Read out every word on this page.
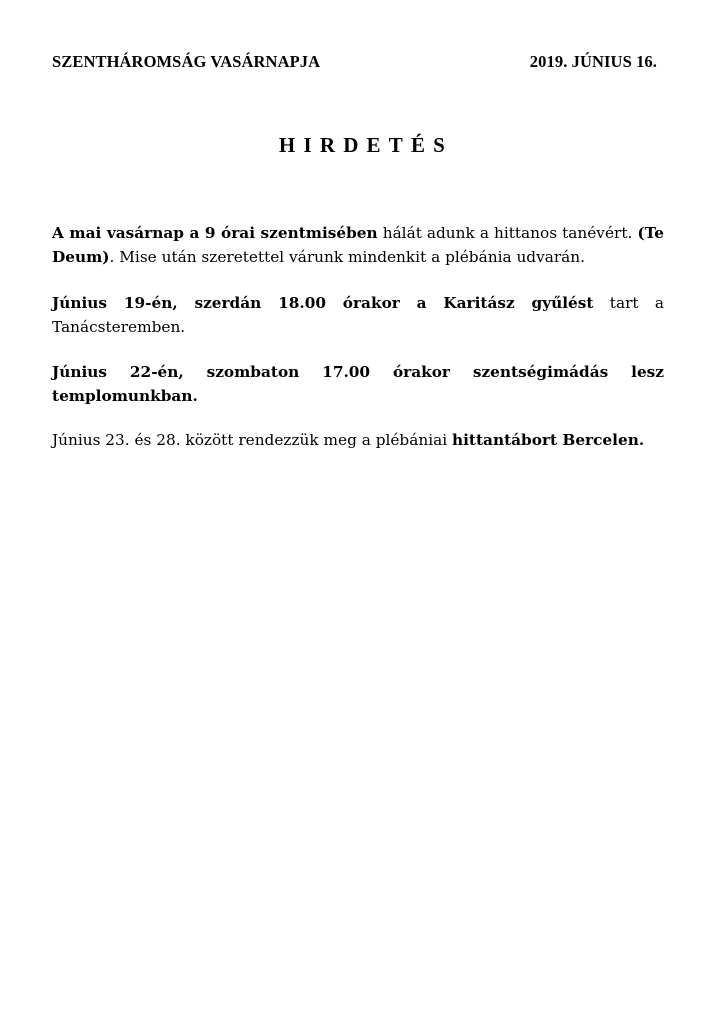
SZENTHÁROMSÁG VASÁRNAPJA	2019. JÚNIUS 16.
HIRDETÉS

A mai vasárnap a 9 órai szentmisében hálát adunk a hittanos tanévért. (Te Deum). Mise után szeretettel várunk mindenkit a plébánia udvarán.

Június 19-én, szerdán 18.00 órakor a Karitász gyűlést tart a Tanácsteremben.

Június 22-én, szombaton 17.00 órakor szentségimádás lesz templomunkban.

Június 23. és 28. között rendezzük meg a plébániai hittantábort Bercelen.
